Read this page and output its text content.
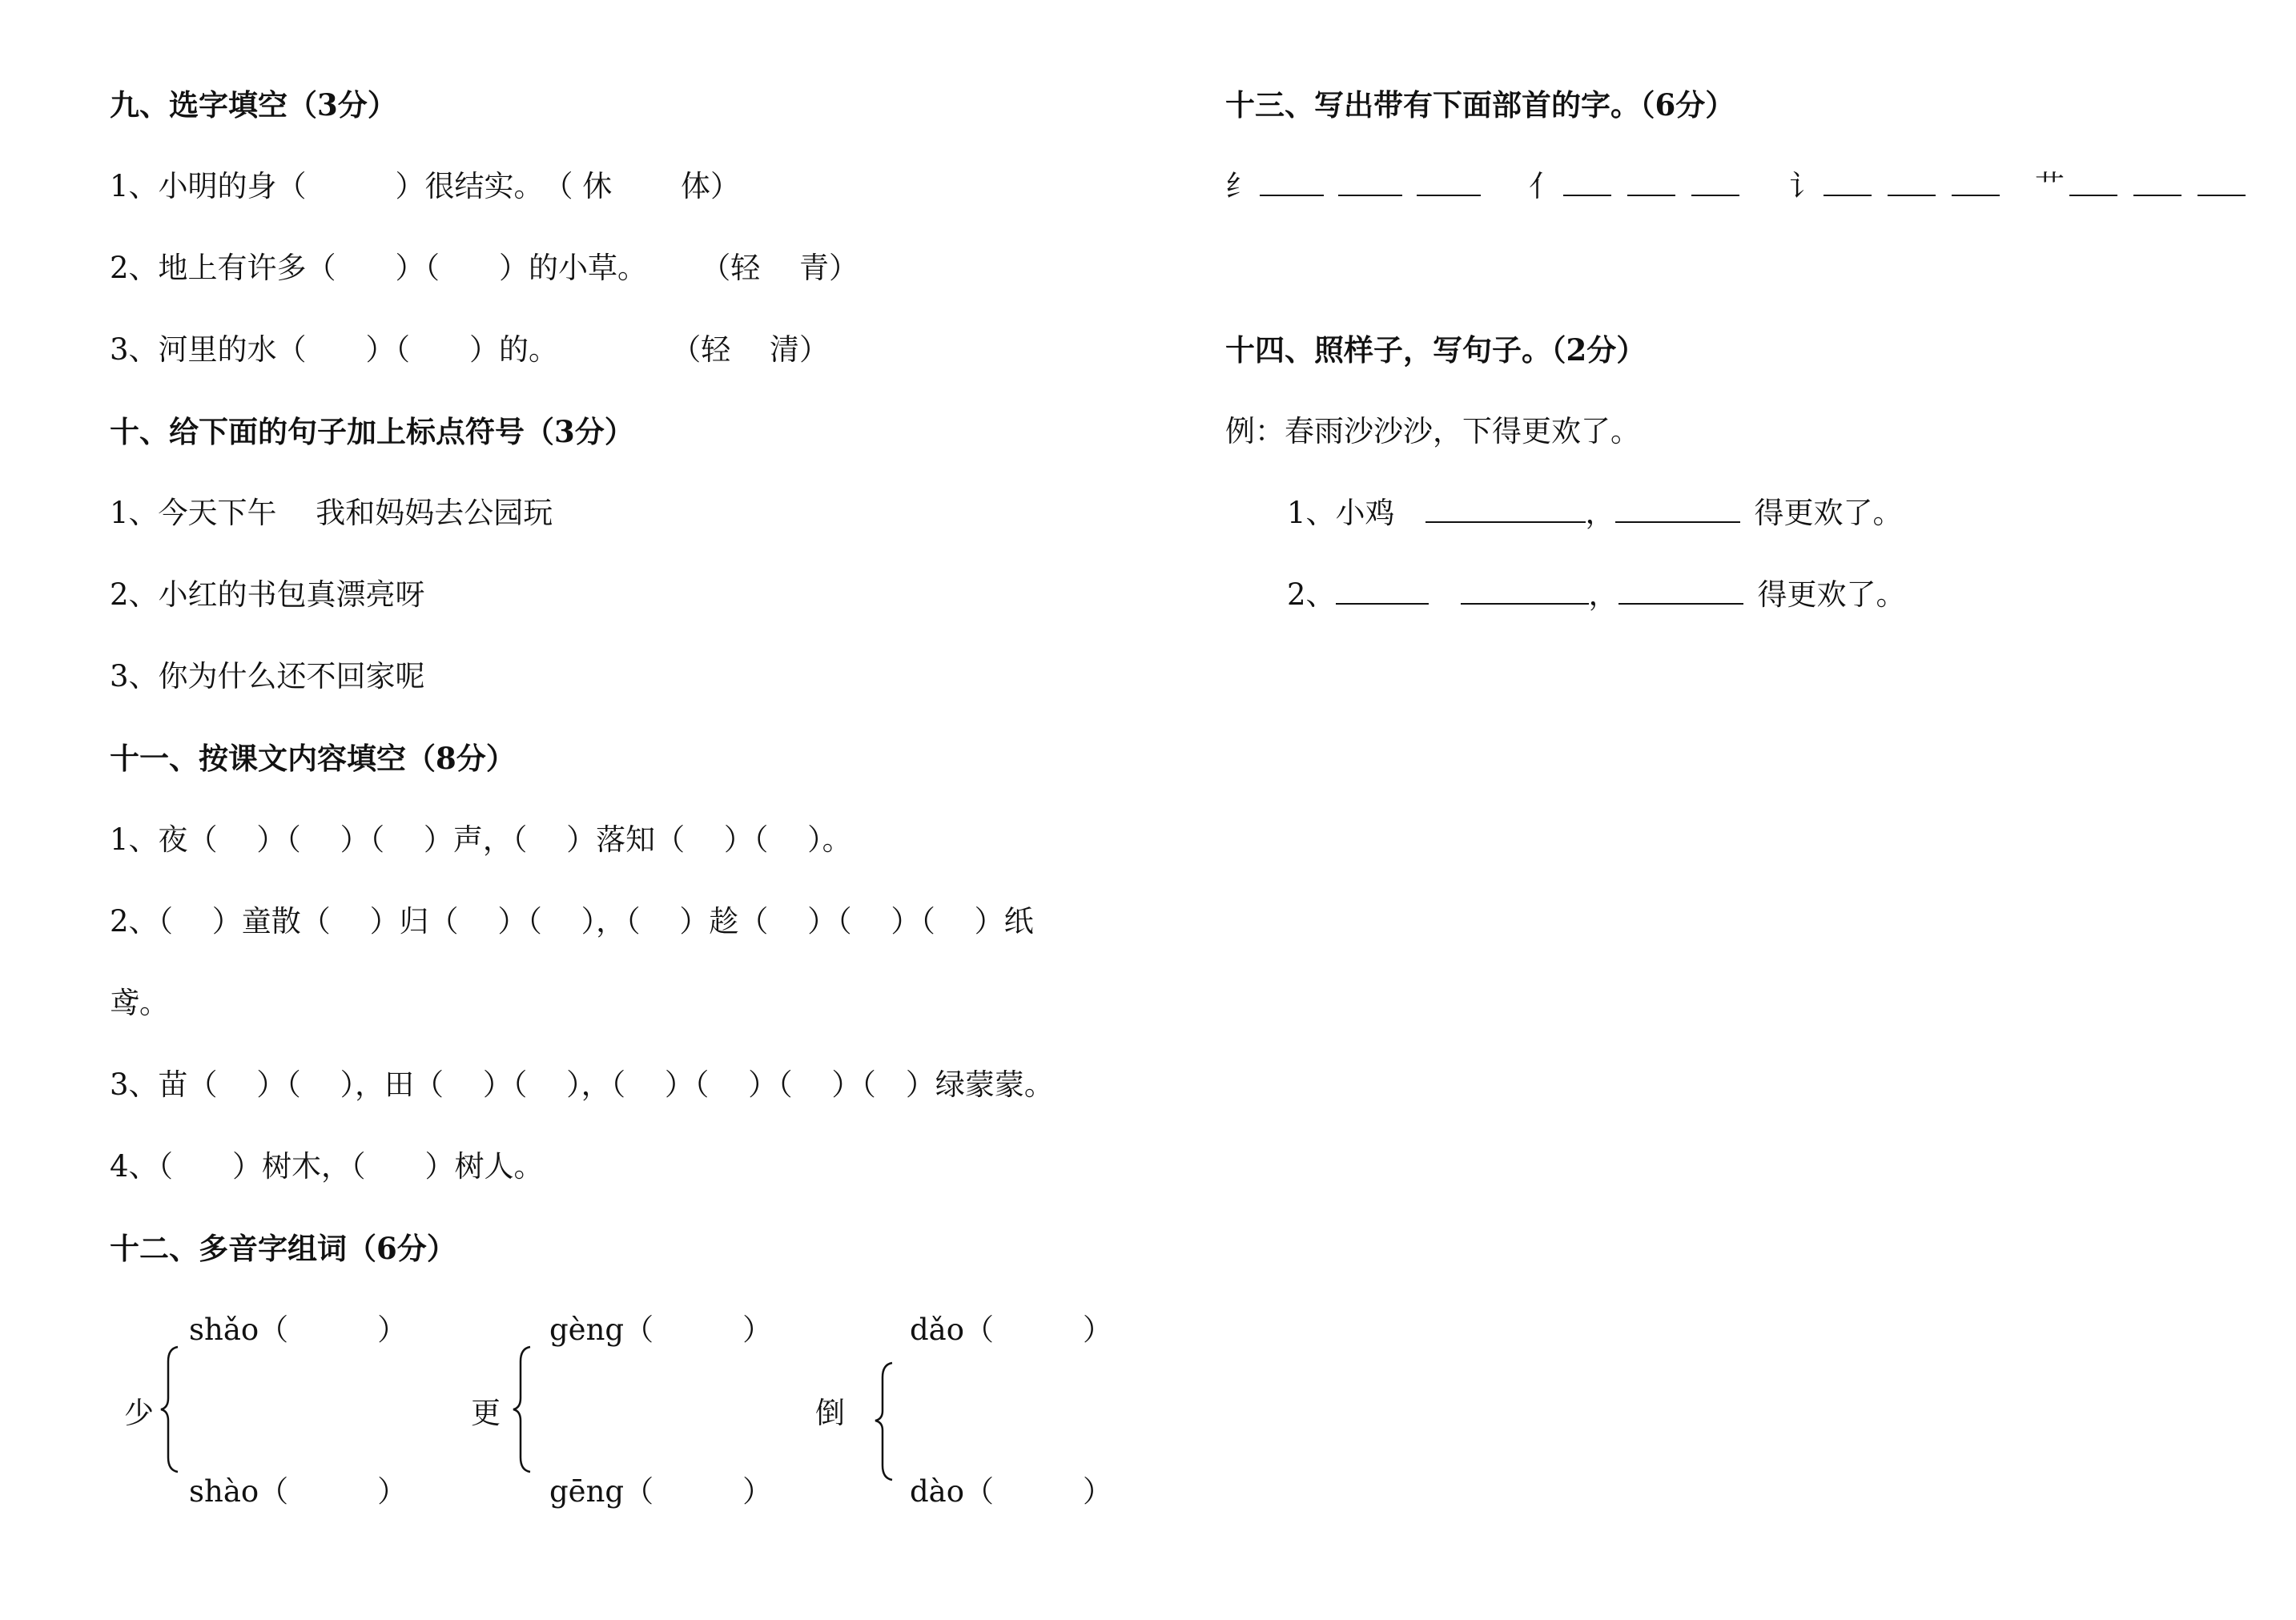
九、选字填空（3分）
1、小明的身（　　　）很结实。　（ 休　　 体）
2、地上有许多（　　）（　　）的小草。　　 （轻　 青）
3、河里的水（　　）（　　）的。　　　　 （轻　 清）
十、给下面的句子加上标点符号（3分）
1、今天下午　 我和妈妈去公园玩
2、小红的书包真漂亮呀
3、你为什么还不回家呢
十一、按课文内容填空（8分）
1、夜（　 ）（　 ）（　 ）声，（　 ）落知（　 ）（　 ）。
2、（　 ）童散（　 ）归（　 ）（　 ），（　 ）趁（　 ）（　 ）（　 ）纸
鸢。
3、苗（　 ）（　 ），田（　 ）（　 ），（　 ）（　 ）（　 ）（　）绿蒙蒙。
4、（　　）树木，（　　）树人。
十二、多音字组词（6分）
shǎo（　　　）
少
shào（　　　）
gèng（　　　）
更
gēng（　　　）
dǎo（　　　）
倒
dào（　　　）
十三、写出带有下面部首的字。（6分）
纟	亻	讠	艹
十四、照样子，写句子。（2分）
例：春雨沙沙沙，下得更欢了。
1、小鸡	，	得更欢了。
2、	，	得更欢了。
